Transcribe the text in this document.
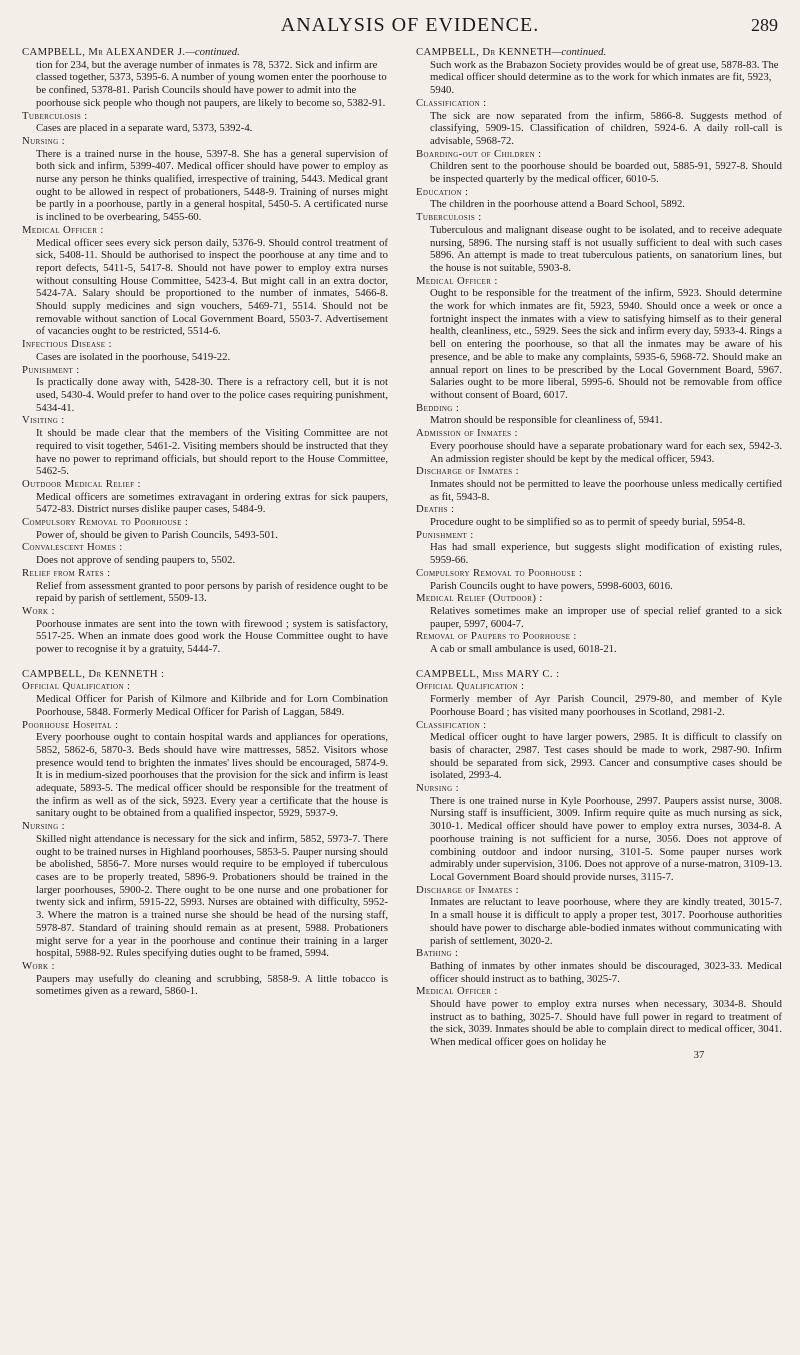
ANALYSIS OF EVIDENCE.	289

CAMPBELL, Mr ALEXANDER J.—continued.

tion for 234, but the average number of inmates is 78, 5372. Sick and infirm are classed together, 5373, 5395-6. A number of young women enter the poorhouse to be confined, 5378-81. Parish Councils should have power to admit into the poorhouse sick people who though not paupers, are likely to become so, 5382-91.

Tuberculosis :

Cases are placed in a separate ward, 5373, 5392-4.

Nursing :

There is a trained nurse in the house, 5397-8. She has a general supervision of both sick and infirm, 5399-407. Medical officer should have power to employ as nurse any person he thinks qualified, irrespective of training, 5443. Medical grant ought to be allowed in respect of probationers, 5448-9. Training of nurses might be partly in a poorhouse, partly in a general hospital, 5450-5. A certificated nurse is inclined to be overbearing, 5455-60.

Medical Officer :

Medical officer sees every sick person daily, 5376-9. Should control treatment of sick, 5408-11. Should be authorised to inspect the poorhouse at any time and to report defects, 5411-5, 5417-8. Should not have power to employ extra nurses without consulting House Committee, 5423-4. But might call in an extra doctor, 5424-7A. Salary should be proportioned to the number of inmates, 5466-8. Should supply medicines and sign vouchers, 5469-71, 5514. Should not be removable without sanction of Local Government Board, 5503-7. Advertisement of vacancies ought to be restricted, 5514-6.

Infectious Disease :

Cases are isolated in the poorhouse, 5419-22.

Punishment :

Is practically done away with, 5428-30. There is a refractory cell, but it is not used, 5430-4. Would prefer to hand over to the police cases requiring punishment, 5434-41.

Visiting :

It should be made clear that the members of the Visiting Committee are not required to visit together, 5461-2. Visiting members should be instructed that they have no power to reprimand officials, but should report to the House Committee, 5462-5.

Outdoor Medical Relief :

Medical officers are sometimes extravagant in ordering extras for sick paupers, 5472-83. District nurses dislike pauper cases, 5484-9.

Compulsory Removal to Poorhouse :

Power of, should be given to Parish Councils, 5493-501.

Convalescent Homes :

Does not approve of sending paupers to, 5502.

Relief from Rates :

Relief from assessment granted to poor persons by parish of residence ought to be repaid by parish of settlement, 5509-13.

Work :

Poorhouse inmates are sent into the town with firewood ; system is satisfactory, 5517-25. When an inmate does good work the House Committee ought to have power to recognise it by a gratuity, 5444-7.

CAMPBELL, Dr KENNETH :

Official Qualification :

Medical Officer for Parish of Kilmore and Kilbride and for Lorn Combination Poorhouse, 5848. Formerly Medical Officer for Parish of Laggan, 5849.

Poorhouse Hospital :

Every poorhouse ought to contain hospital wards and appliances for operations, 5852, 5862-6, 5870-3. Beds should have wire mattresses, 5852. Visitors whose presence would tend to brighten the inmates' lives should be encouraged, 5874-9. It is in medium-sized poorhouses that the provision for the sick and infirm is least adequate, 5893-5. The medical officer should be responsible for the treatment of the infirm as well as of the sick, 5923. Every year a certificate that the house is sanitary ought to be obtained from a qualified inspector, 5929, 5937-9.

Nursing :

Skilled night attendance is necessary for the sick and infirm, 5852, 5973-7. There ought to be trained nurses in Highland poorhouses, 5853-5. Pauper nursing should be abolished, 5856-7. More nurses would require to be employed if tuberculous cases are to be properly treated, 5896-9. Probationers should be trained in the larger poorhouses, 5900-2. There ought to be one nurse and one probationer for twenty sick and infirm, 5915-22, 5993. Nurses are obtained with difficulty, 5952-3. Where the matron is a trained nurse she should be head of the nursing staff, 5978-87. Standard of training should remain as at present, 5988. Probationers might serve for a year in the poorhouse and continue their training in a larger hospital, 5988-92. Rules specifying duties ought to be framed, 5994.

Work :

Paupers may usefully do cleaning and scrubbing, 5858-9. A little tobacco is sometimes given as a reward, 5860-1.

CAMPBELL, Dr KENNETH—continued.

Such work as the Brabazon Society provides would be of great use, 5878-83. The medical officer should determine as to the work for which inmates are fit, 5923, 5940.

Classification :

The sick are now separated from the infirm, 5866-8. Suggests method of classifying, 5909-15. Classification of children, 5924-6. A daily roll-call is advisable, 5968-72.

Boarding-out of Children :

Children sent to the poorhouse should be boarded out, 5885-91, 5927-8. Should be inspected quarterly by the medical officer, 6010-5.

Education :

The children in the poorhouse attend a Board School, 5892.

Tuberculosis :

Tuberculous and malignant disease ought to be isolated, and to receive adequate nursing, 5896. The nursing staff is not usually sufficient to deal with such cases 5896. An attempt is made to treat tuberculous patients, on sanatorium lines, but the house is not suitable, 5903-8.

Medical Officer :

Ought to be responsible for the treatment of the infirm, 5923. Should determine the work for which inmates are fit, 5923, 5940. Should once a week or once a fortnight inspect the inmates with a view to satisfying himself as to their general health, cleanliness, etc., 5929. Sees the sick and infirm every day, 5933-4. Rings a bell on entering the poorhouse, so that all the inmates may be aware of his presence, and be able to make any complaints, 5935-6, 5968-72. Should make an annual report on lines to be prescribed by the Local Government Board, 5967. Salaries ought to be more liberal, 5995-6. Should not be removable from office without consent of Board, 6017.

Bedding :

Matron should be responsible for cleanliness of, 5941.

Admission of Inmates :

Every poorhouse should have a separate probationary ward for each sex, 5942-3. An admission register should be kept by the medical officer, 5943.

Discharge of Inmates :

Inmates should not be permitted to leave the poorhouse unless medically certified as fit, 5943-8.

Deaths :

Procedure ought to be simplified so as to permit of speedy burial, 5954-8.

Punishment :

Has had small experience, but suggests slight modification of existing rules, 5959-66.

Compulsory Removal to Poorhouse :

Parish Councils ought to have powers, 5998-6003, 6016.

Medical Relief (Outdoor) :

Relatives sometimes make an improper use of special relief granted to a sick pauper, 5997, 6004-7.

Removal of Paupers to Poorhouse :

A cab or small ambulance is used, 6018-21.

CAMPBELL, Miss MARY C. :

Official Qualification :

Formerly member of Ayr Parish Council, 2979-80, and member of Kyle Poorhouse Board ; has visited many poorhouses in Scotland, 2981-2.

Classification :

Medical officer ought to have larger powers, 2985. It is difficult to classify on basis of character, 2987. Test cases should be made to work, 2987-90. Infirm should be separated from sick, 2993. Cancer and consumptive cases should be isolated, 2993-4.

Nursing :

There is one trained nurse in Kyle Poorhouse, 2997. Paupers assist nurse, 3008. Nursing staff is insufficient, 3009. Infirm require quite as much nursing as sick, 3010-1. Medical officer should have power to employ extra nurses, 3034-8. A poorhouse training is not sufficient for a nurse, 3056. Does not approve of combining outdoor and indoor nursing, 3101-5. Some pauper nurses work admirably under supervision, 3106. Does not approve of a nurse-matron, 3109-13. Local Government Board should provide nurses, 3115-7.

Discharge of Inmates :

Inmates are reluctant to leave poorhouse, where they are kindly treated, 3015-7. In a small house it is difficult to apply a proper test, 3017. Poorhouse authorities should have power to discharge able-bodied inmates without communicating with parish of settlement, 3020-2.

Bathing :

Bathing of inmates by other inmates should be discouraged, 3023-33. Medical officer should instruct as to bathing, 3025-7.

Medical Officer :

Should have power to employ extra nurses when necessary, 3034-8. Should instruct as to bathing, 3025-7. Should have full power in regard to treatment of the sick, 3039. Inmates should be able to complain direct to medical officer, 3041. When medical officer goes on holiday he

37
